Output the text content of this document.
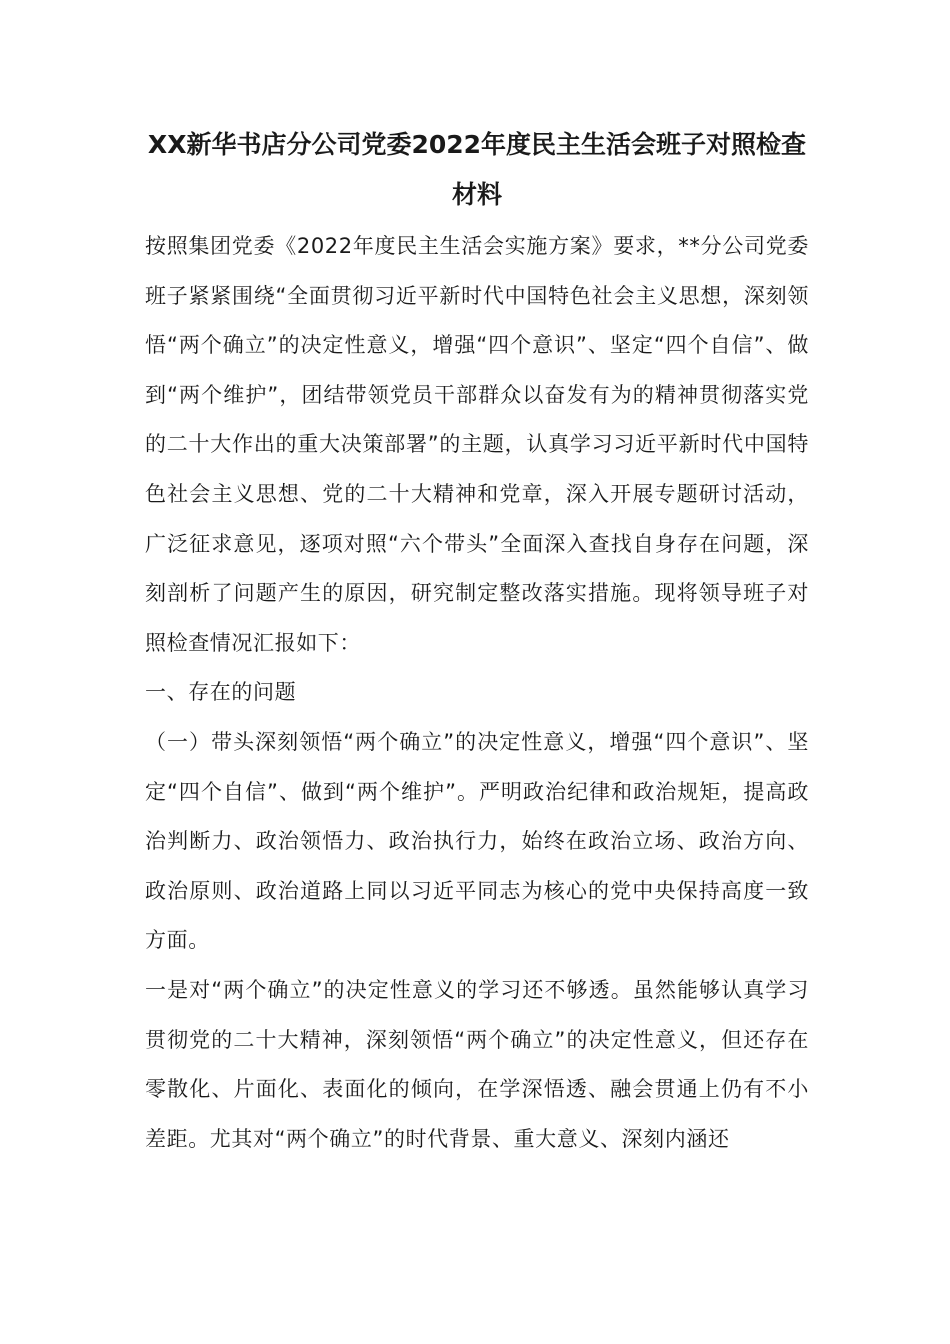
XX新华书店分公司党委2022年度民主生活会班子对照检查材料

按照集团党委《2022年度民主生活会实施方案》要求，**分公司党委班子紧紧围绕“全面贯彻习近平新时代中国特色社会主义思想，深刻领悟“两个确立”的决定性意义，增强“四个意识”、坚定“四个自信”、做到“两个维护”，团结带领党员干部群众以奋发有为的精神贯彻落实党的二十大作出的重大决策部署”的主题，认真学习习近平新时代中国特色社会主义思想、党的二十大精神和党章，深入开展专题研讨活动，广泛征求意见，逐项对照“六个带头”全面深入查找自身存在问题，深刻剖析了问题产生的原因，研究制定整改落实措施。现将领导班子对照检查情况汇报如下：

一、存在的问题

（一）带头深刻领悟“两个确立”的决定性意义，增强“四个意识”、坚定“四个自信”、做到“两个维护”。严明政治纪律和政治规矩，提高政治判断力、政治领悟力、政治执行力，始终在政治立场、政治方向、政治原则、政治道路上同以习近平同志为核心的党中央保持高度一致方面。

一是对“两个确立”的决定性意义的学习还不够透。虽然能够认真学习贯彻党的二十大精神，深刻领悟“两个确立”的决定性意义，但还存在零散化、片面化、表面化的倾向，在学深悟透、融会贯通上仍有不小差距。尤其对“两个确立”的时代背景、重大意义、深刻内涵还
